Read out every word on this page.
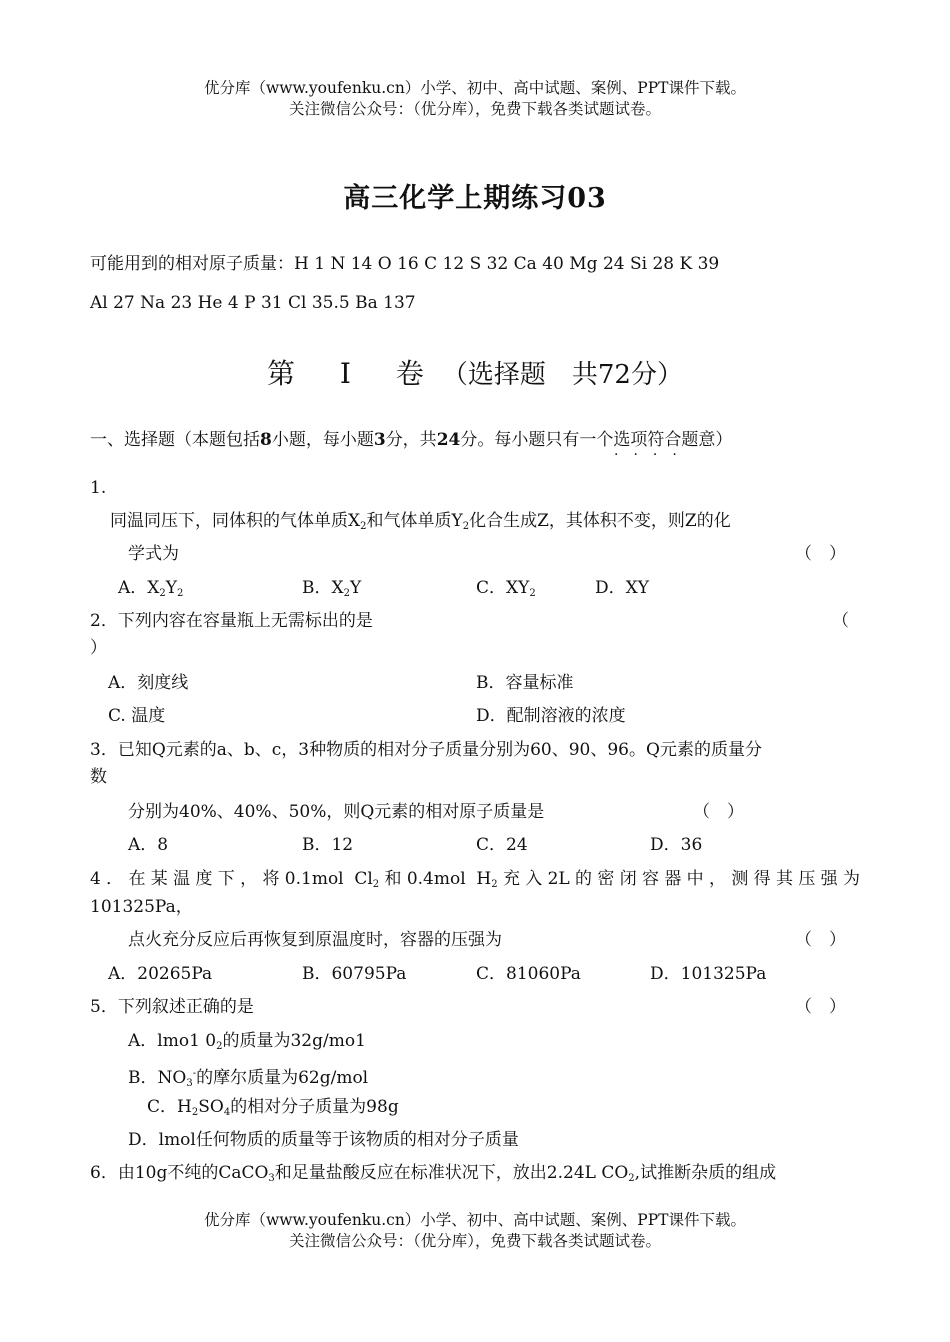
优分库（www.youfenku.cn）小学、初中、高中试题、案例、PPT课件下载。
关注微信公众号：（优分库），免费下载各类试题试卷。
高三化学上期练习03
可能用到的相对原子质量：H 1 N 14 O 16 C 12 S 32 Ca 40 Mg 24 Si 28 K 39
Al 27 Na 23 He 4 P 31 Cl 35.5 Ba 137
第 Ⅰ 卷（选择题　共72分）
一、选择题（本题包括8小题，每小题3分，共24分。每小题只有一个选项符合题意）
····
1.
同温同压下，同体积的气体单质$X_2$和气体单质$Y_2$化合生成Z，其体积不变，则Z的化
学式为	（　）
A．$X_2Y_2$	B．$X_2Y$	C．$XY_2$	D．XY
2．下列内容在容量瓶上无需标出的是	（
）
A．刻度线	B．容量标准
C. 温度	D．配制溶液的浓度
3．已知Q元素的a、b、c，3种物质的相对分子质量分别为60、90、96。Q元素的质量分
数
分别为40%、40%、50%，则Q元素的相对原子质量是	（　）
A．8	B．12	C．24	D．36
4．在某温度下，将0.1mol $Cl_2$和0.4mol $H_2$充入2L的密闭容器中，测得其压强为
101325Pa，
点火充分反应后再恢复到原温度时，容器的压强为	（　）
A．20265Pa	B．60795Pa	C．81060Pa	D．101325Pa
5．下列叙述正确的是	（　）
A．lmo1 $0_2$的质量为32g/mo1
B．$NO_3^-$的摩尔质量为62g/mol
C．$H_2SO_4$的相对分子质量为98g
D．lmol任何物质的质量等于该物质的相对分子质量
6．由10g不纯的CaCO$_3$和足量盐酸反应在标准状况下，放出2.24L $CO_2$,试推断杂质的组成
优分库（www.youfenku.cn）小学、初中、高中试题、案例、PPT课件下载。
关注微信公众号：（优分库），免费下载各类试题试卷。
